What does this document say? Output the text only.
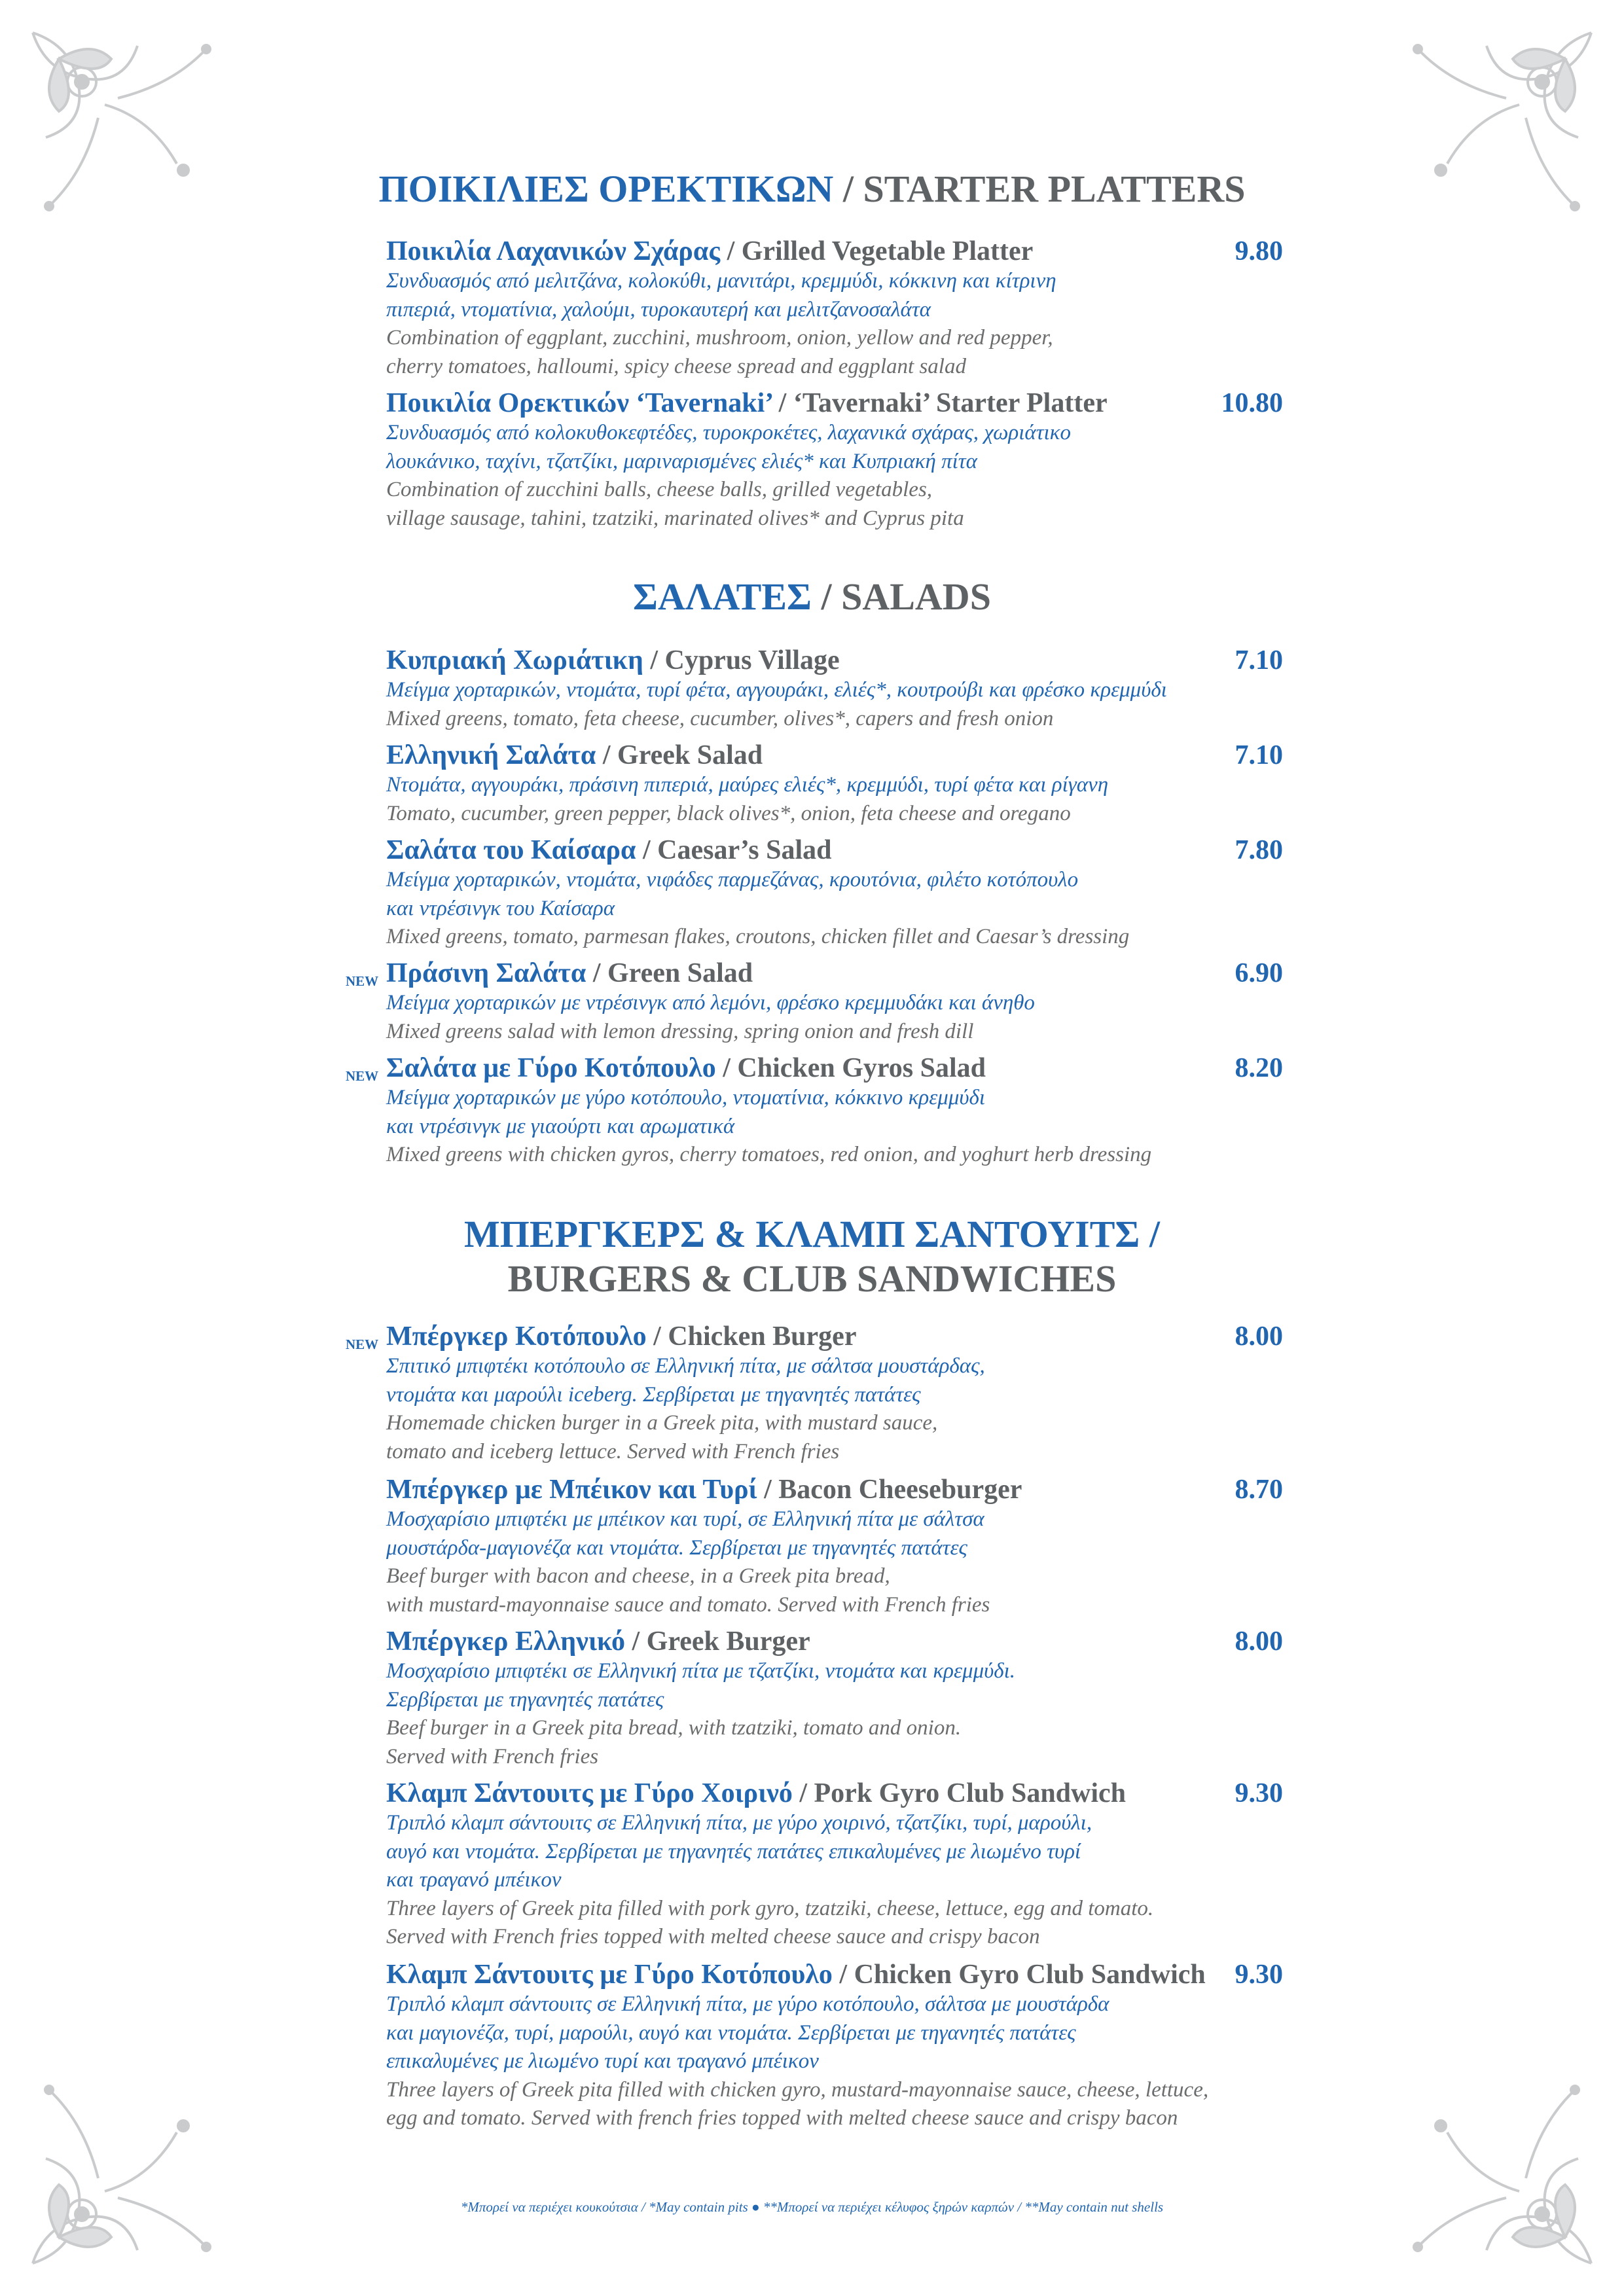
ΠΟΙΚΙΛΙΕΣ ΟΡΕΚΤΙΚΩΝ / STARTER PLATTERS
Ποικιλία Λαχανικών Σχάρας / Grilled Vegetable Platter	9.80
Συνδυασμός από μελιτζάνα, κολοκύθι, μανιτάρι, κρεμμύδι, κόκκινη και κίτρινη
πιπεριά, ντοματίνια, χαλούμι, τυροκαυτερή και μελιτζανοσαλάτα
Combination of eggplant, zucchini, mushroom, onion, yellow and red pepper,
cherry tomatoes, halloumi, spicy cheese spread and eggplant salad
Ποικιλία Ορεκτικών ‘Tavernaki’ / ‘Tavernaki’ Starter Platter	10.80
Συνδυασμός από κολοκυθοκεφτέδες, τυροκροκέτες, λαχανικά σχάρας, χωριάτικο
λουκάνικο, ταχίνι, τζατζίκι, μαριναρισμένες ελιές* και Κυπριακή πίτα
Combination of zucchini balls, cheese balls, grilled vegetables,
village sausage, tahini, tzatziki, marinated olives* and Cyprus pita
ΣΑΛΑΤΕΣ / SALADS
Κυπριακή Χωριάτικη / Cyprus Village	7.10
Μείγμα χορταρικών, ντομάτα, τυρί φέτα, αγγουράκι, ελιές*, κουτρούβι και φρέσκο κρεμμύδι
Mixed greens, tomato, feta cheese, cucumber, olives*, capers and fresh onion
Ελληνική Σαλάτα / Greek Salad	7.10
Ντομάτα, αγγουράκι, πράσινη πιπεριά, μαύρες ελιές*, κρεμμύδι, τυρί φέτα και ρίγανη
Tomato, cucumber, green pepper, black olives*, onion, feta cheese and oregano
Σαλάτα του Καίσαρα / Caesar’s Salad	7.80
Μείγμα χορταρικών, ντομάτα, νιφάδες παρμεζάνας, κρουτόνια, φιλέτο κοτόπουλο
και ντρέσινγκ του Καίσαρα
Mixed greens, tomato, parmesan flakes, croutons, chicken fillet and Caesar’s dressing
NEW Πράσινη Σαλάτα / Green Salad	6.90
Μείγμα χορταρικών με ντρέσινγκ από λεμόνι, φρέσκο κρεμμυδάκι και άνηθο
Mixed greens salad with lemon dressing, spring onion and fresh dill
NEW Σαλάτα με Γύρο Κοτόπουλο / Chicken Gyros Salad	8.20
Μείγμα χορταρικών με γύρο κοτόπουλο, ντοματίνια, κόκκινο κρεμμύδι
και ντρέσινγκ με γιαούρτι και αρωματικά
Mixed greens with chicken gyros, cherry tomatoes, red onion, and yoghurt herb dressing
ΜΠΕΡΓΚΕΡΣ & ΚΛΑΜΠ ΣΑΝΤΟΥΙΤΣ /
BURGERS & CLUB SANDWICHES
NEW Μπέργκερ Κοτόπουλο / Chicken Burger	8.00
Σπιτικό μπιφτέκι κοτόπουλο σε Ελληνική πίτα, με σάλτσα μουστάρδας,
ντομάτα και μαρούλι iceberg. Σερβίρεται με τηγανητές πατάτες
Homemade chicken burger in a Greek pita, with mustard sauce,
tomato and iceberg lettuce. Served with French fries
Μπέργκερ με Μπέικον και Τυρί / Bacon Cheeseburger	8.70
Μοσχαρίσιο μπιφτέκι με μπέικον και τυρί, σε Ελληνική πίτα με σάλτσα
μουστάρδα-μαγιονέζα και ντομάτα. Σερβίρεται με τηγανητές πατάτες
Beef burger with bacon and cheese, in a Greek pita bread,
with mustard-mayonnaise sauce and tomato. Served with French fries
Μπέργκερ Ελληνικό / Greek Burger	8.00
Μοσχαρίσιο μπιφτέκι σε Ελληνική πίτα με τζατζίκι, ντομάτα και κρεμμύδι.
Σερβίρεται με τηγανητές πατάτες
Beef burger in a Greek pita bread, with tzatziki, tomato and onion.
Served with French fries
Κλαμπ Σάντουιτς με Γύρο Χοιρινό / Pork Gyro Club Sandwich	9.30
Τριπλό κλαμπ σάντουιτς σε Ελληνική πίτα, με γύρο χοιρινό, τζατζίκι, τυρί, μαρούλι,
αυγό και ντομάτα. Σερβίρεται με τηγανητές πατάτες επικαλυμένες με λιωμένο τυρί
και τραγανό μπέικον
Three layers of Greek pita filled with pork gyro, tzatziki, cheese, lettuce, egg and tomato.
Served with French fries topped with melted cheese sauce and crispy bacon
Κλαμπ Σάντουιτς με Γύρο Κοτόπουλο / Chicken Gyro Club Sandwich 9.30
Τριπλό κλαμπ σάντουιτς σε Ελληνική πίτα, με γύρο κοτόπουλο, σάλτσα με μουστάρδα
και μαγιονέζα, τυρί, μαρούλι, αυγό και ντομάτα. Σερβίρεται με τηγανητές πατάτες
επικαλυμένες με λιωμένο τυρί και τραγανό μπέικον
Three layers of Greek pita filled with chicken gyro, mustard-mayonnaise sauce, cheese, lettuce,
egg and tomato. Served with french fries topped with melted cheese sauce and crispy bacon
*Μπορεί να περιέχει κουκούτσια / *May contain pits ● **Μπορεί να περιέχει κέλυφος ξηρών καρπών / **May contain nut shells
